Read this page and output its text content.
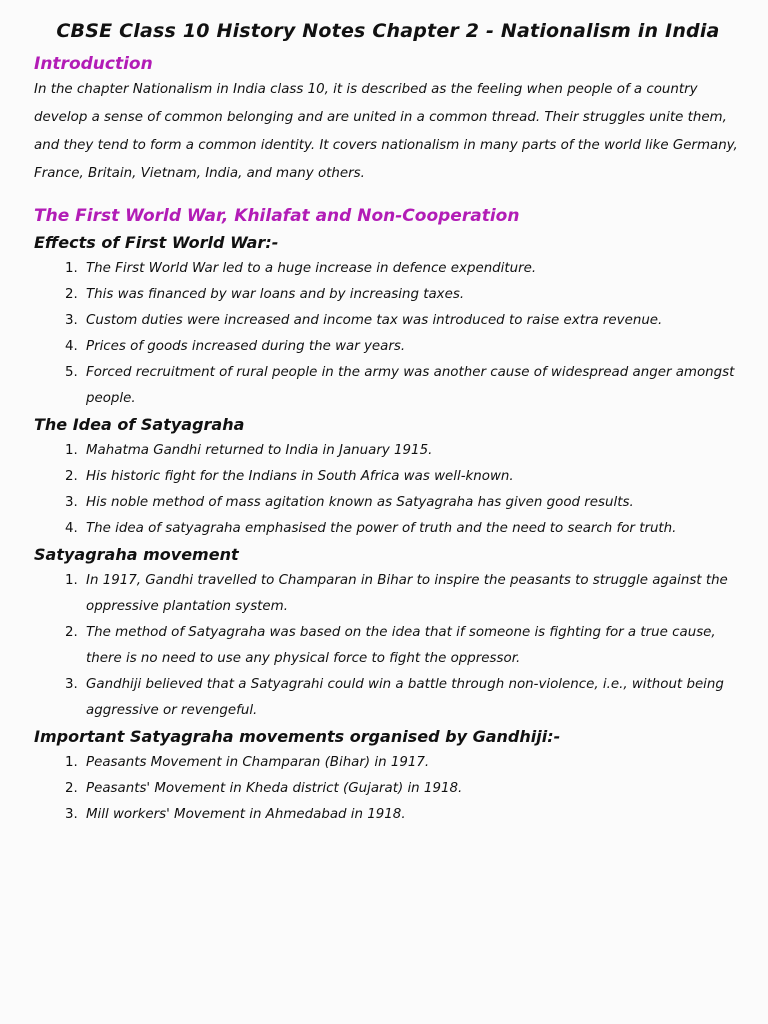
CBSE Class 10 History Notes Chapter 2 - Nationalism in India
Introduction

In the chapter Nationalism in India class 10, it is described as the feeling when people of a country develop a sense of common belonging and are united in a common thread. Their struggles unite them, and they tend to form a common identity. It covers nationalism in many parts of the world like Germany, France, Britain, Vietnam, India, and many others.

The First World War, Khilafat and Non-Cooperation
Effects of First World War:-
1. The First World War led to a huge increase in defence expenditure.
2. This was financed by war loans and by increasing taxes.
3. Custom duties were increased and income tax was introduced to raise extra revenue.
4. Prices of goods increased during the war years.
5. Forced recruitment of rural people in the army was another cause of widespread anger amongst people.
The Idea of Satyagraha
1. Mahatma Gandhi returned to India in January 1915.
2. His historic fight for the Indians in South Africa was well-known.
3. His noble method of mass agitation known as Satyagraha has given good results.
4. The idea of satyagraha emphasised the power of truth and the need to search for truth.
Satyagraha movement
1. In 1917, Gandhi travelled to Champaran in Bihar to inspire the peasants to struggle against the oppressive plantation system.
2. The method of Satyagraha was based on the idea that if someone is fighting for a true cause, there is no need to use any physical force to fight the oppressor.
3. Gandhiji believed that a Satyagrahi could win a battle through non-violence, i.e., without being aggressive or revengeful.
Important Satyagraha movements organised by Gandhiji:-
1. Peasants Movement in Champaran (Bihar) in 1917.
2. Peasants' Movement in Kheda district (Gujarat) in 1918.
3. Mill workers' Movement in Ahmedabad in 1918.
